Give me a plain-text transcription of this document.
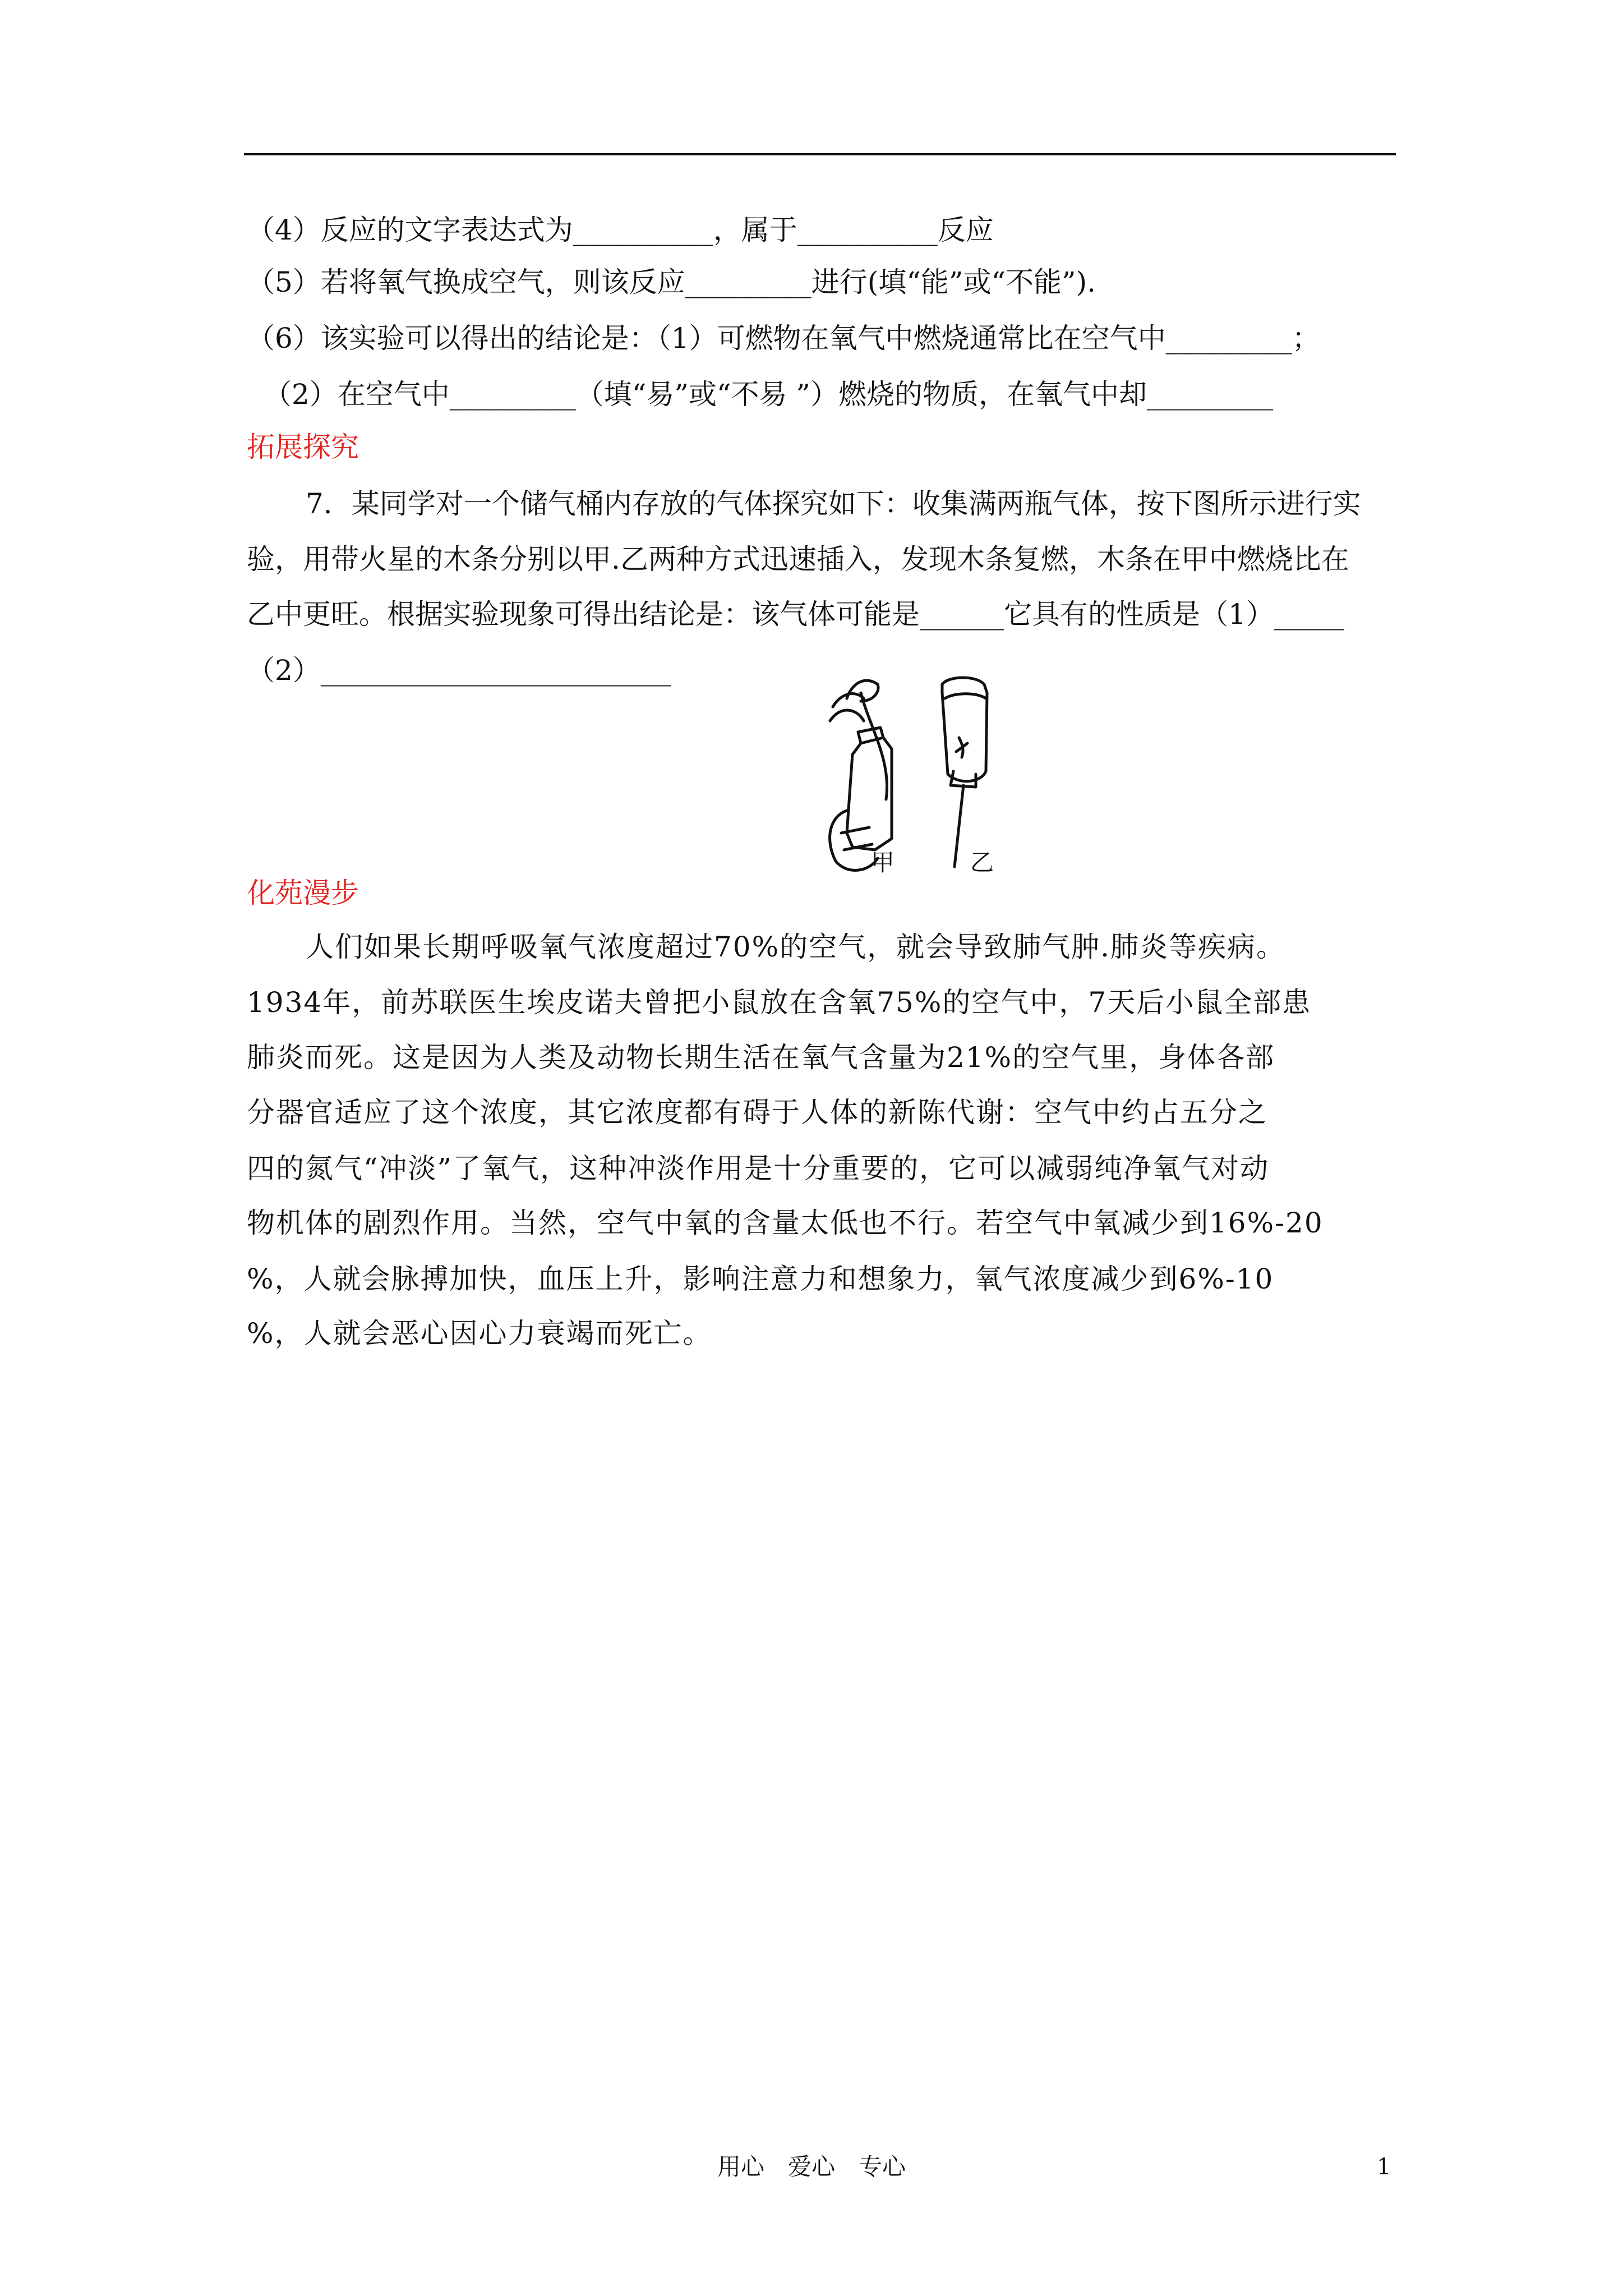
（4）反应的文字表达式为__________，属于__________反应
（5）若将氧气换成空气，则该反应_________进行(填“能”或“不能”).
（6）该实验可以得出的结论是：（1）可燃物在氧气中燃烧通常比在空气中_________；
（2）在空气中_________（填“易”或“不易 ”）燃烧的物质，在氧气中却_________
拓展探究
7．某同学对一个储气桶内存放的气体探究如下：收集满两瓶气体，按下图所示进行实
验，用带火星的木条分别以甲.乙两种方式迅速插入，发现木条复燃，木条在甲中燃烧比在
乙中更旺。根据实验现象可得出结论是：该气体可能是______它具有的性质是（1）_____
（2）_________________________
甲	乙
化苑漫步
人们如果长期呼吸氧气浓度超过70%的空气，就会导致肺气肿.肺炎等疾病。
1934年，前苏联医生埃皮诺夫曾把小鼠放在含氧75%的空气中，7天后小鼠全部患
肺炎而死。这是因为人类及动物长期生活在氧气含量为21%的空气里，身体各部
分器官适应了这个浓度，其它浓度都有碍于人体的新陈代谢：空气中约占五分之
四的氮气“冲淡”了氧气，这种冲淡作用是十分重要的，它可以减弱纯净氧气对动
物机体的剧烈作用。当然，空气中氧的含量太低也不行。若空气中氧减少到16%-20
%，人就会脉搏加快，血压上升，影响注意力和想象力，氧气浓度减少到6%-10
%，人就会恶心因心力衰竭而死亡。
用心　爱心　专心	1
